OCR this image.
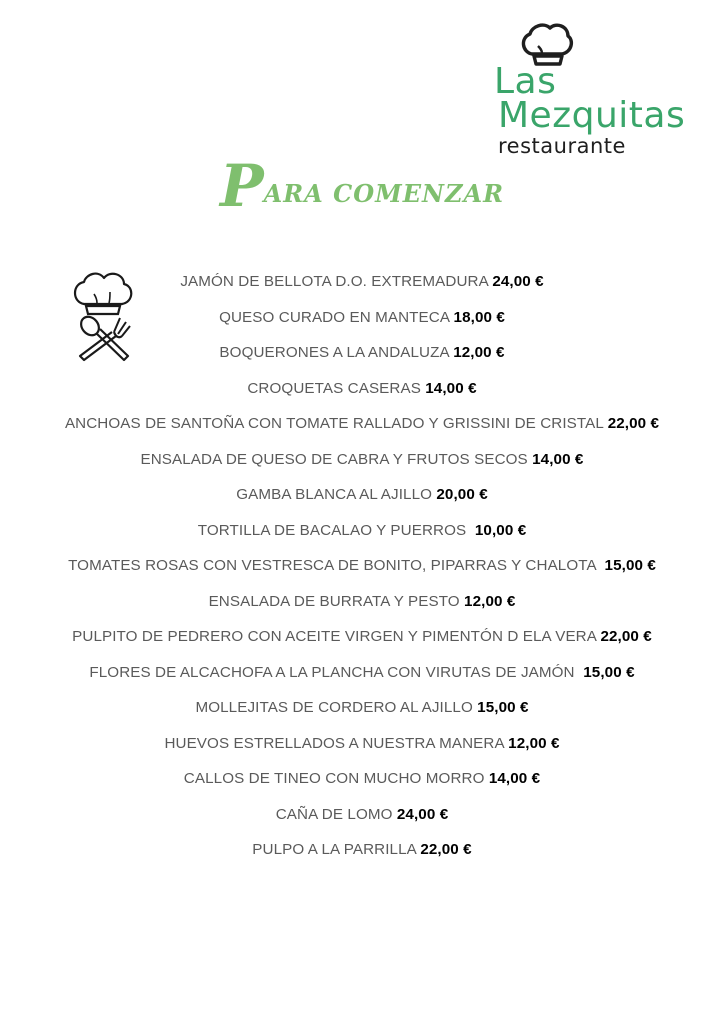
Las
Mezquitas
restaurante
PARA COMENZAR
JAMÓN DE BELLOTA D.O. EXTREMADURA 24,00 €
QUESO CURADO EN MANTECA 18,00 €
BOQUERONES A LA ANDALUZA 12,00 €
CROQUETAS CASERAS 14,00 €
ANCHOAS DE SANTOÑA CON TOMATE RALLADO Y GRISSINI DE CRISTAL 22,00 €
ENSALADA DE QUESO DE CABRA Y FRUTOS SECOS 14,00 €
GAMBA BLANCA AL AJILLO 20,00 €
TORTILLA DE BACALAO Y PUERROS  10,00 €
TOMATES ROSAS CON VESTRESCA DE BONITO, PIPARRAS Y CHALOTA  15,00 €
ENSALADA DE BURRATA Y PESTO 12,00 €
PULPITO DE PEDRERO CON ACEITE VIRGEN Y PIMENTÓN D ELA VERA 22,00 €
FLORES DE ALCACHOFA A LA PLANCHA CON VIRUTAS DE JAMÓN  15,00 €
MOLLEJITAS DE CORDERO AL AJILLO 15,00 €
HUEVOS ESTRELLADOS A NUESTRA MANERA 12,00 €
CALLOS DE TINEO CON MUCHO MORRO 14,00 €
CAÑA DE LOMO 24,00 €
PULPO A LA PARRILLA 22,00 €
